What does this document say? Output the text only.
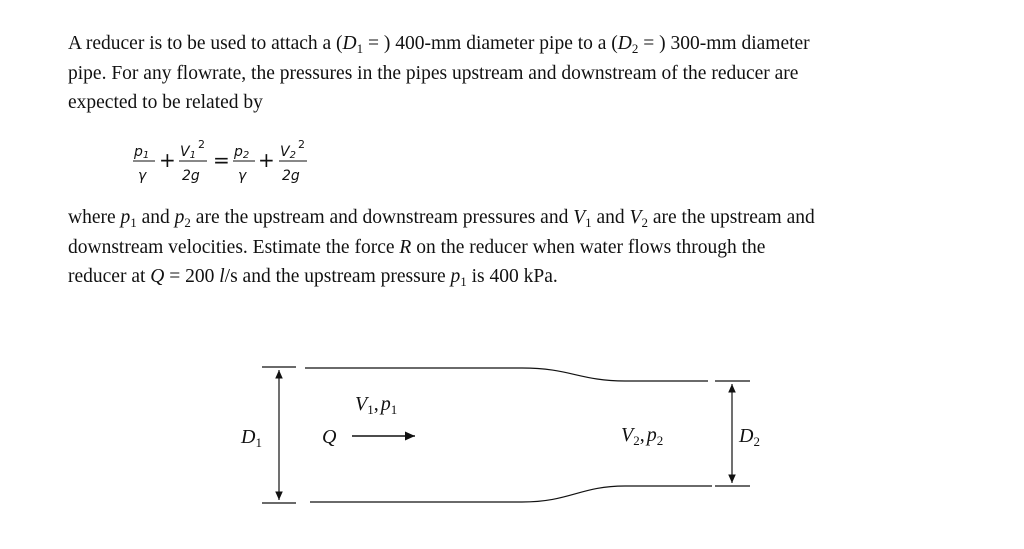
A reducer is to be used to attach a ($D_1$ = ) 400-mm diameter pipe to a ($D_2$ = ) 300-mm diameter
pipe. For any flowrate, the pressures in the pipes upstream and downstream of the reducer are
expected to be related by
p1
γ
+ $V1^2$
2g
= p2
γ
+ $V2^2$
2g
where $p_1$ and $p_2$ are the upstream and downstream pressures and $V_1$ and $V_2$ are the upstream and
downstream velocities. Estimate the force R on the reducer when water flows through the
reducer at Q = 200 l/s and the upstream pressure $p_1$ is 400 kPa.
$D_1$	Q
$V_1$, $p_1$
$V_2$, $p_2$	$D_2$
